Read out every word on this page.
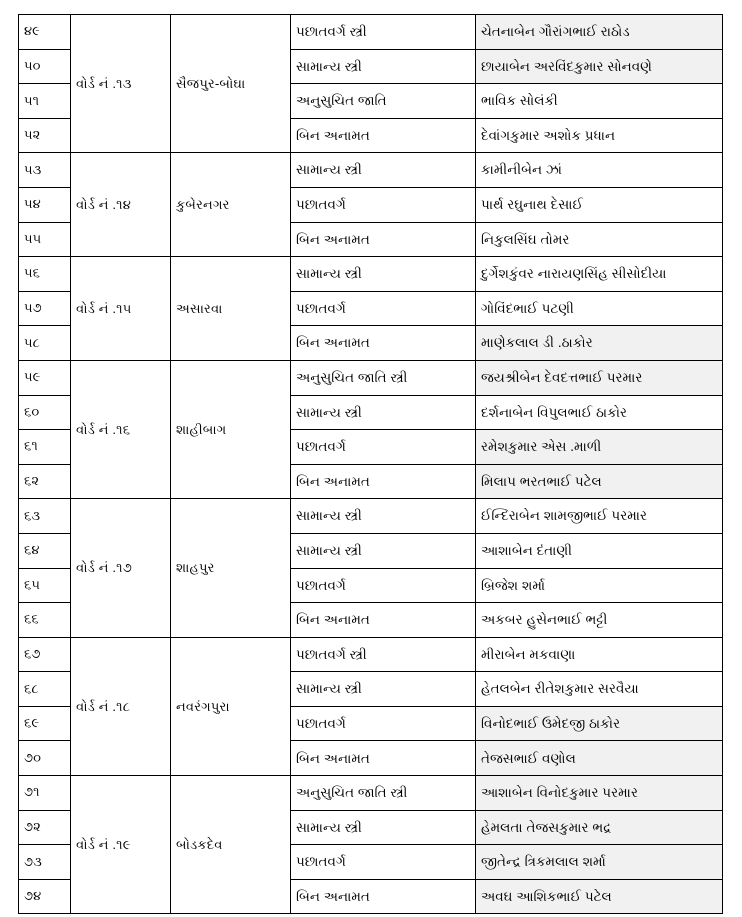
૪૯	વોર્ડ નં .૧૩	સૈજપુર-બોઘા	પછાતવર્ગ સ્ત્રી	ચેતનાબેન ગૌરાંગભાઈ રાઠોડ
૫૦			સામાન્ય સ્ત્રી	છાયાબેન અરવિંદકુમાર સોનવણે
૫૧			અનુસુચિત જાતિ	ભાવિક સોલંકી
૫૨			બિન અનામત	દેવાંગકુમાર અશોક પ્રધાન
૫૩	વોર્ડ નં .૧૪	કુબેરનગર	સામાન્ય સ્ત્રી	કામીનીબેન ઝાં
૫૪			પછાતવર્ગ	પાર્થ રઘુનાથ દેસાઈ
૫૫			બિન અનામત	નિકુલસિંઘ તોમર
૫૬	વોર્ડ નં .૧૫	અસારવા	સામાન્ય સ્ત્રી	દુર્ગેશકુંવર નારાયણસિંહ સીસોદીયા
૫૭			પછાતવર્ગ	ગોવિંદભાઈ પટણી
૫૮			બિન અનામત	માણેકલાલ ડી .ઠાકોર
૫૯	વોર્ડ નં .૧૬	શાહીબાગ	અનુસુચિત જાતિ સ્ત્રી	જયશ્રીબેન દેવદત્તભાઈ પરમાર
૬૦			સામાન્ય સ્ત્રી	દર્શનાબેન વિપુલભાઈ ઠાકોર
૬૧			પછાતવર્ગ	રમેશકુમાર એસ .માળી
૬૨			બિન અનામત	મિલાપ ભરતભાઈ પટેલ
૬૩	વોર્ડ નં .૧૭	શાહપુર	સામાન્ય સ્ત્રી	ઈન્દિરાબેન શામજીભાઈ પરમાર
૬૪			સામાન્ય સ્ત્રી	આશાબેન દંતાણી
૬૫			પછાતવર્ગ	બ્રિજેશ શર્મા
૬૬			બિન અનામત	અકબર હુસેનભાઈ ભટ્ટી
૬૭	વોર્ડ નં .૧૮	નવરંગપુરા	પછાતવર્ગ સ્ત્રી	મીરાબેન મકવાણા
૬૮			સામાન્ય સ્ત્રી	હેતલબેન રીતેશકુમાર સરવૈયા
૬૯			પછાતવર્ગ	વિનોદભાઈ ઉમેદજી ઠાકોર
૭૦			બિન અનામત	તેજસભાઈ વણોલ
૭૧	વોર્ડ નં .૧૯	બોડકદેવ	અનુસુચિત જાતિ સ્ત્રી	આશાબેન વિનોદકુમાર પરમાર
૭૨			સામાન્ય સ્ત્રી	હેમલતા તેજસકુમાર ભદ્ર
૭૩			પછાતવર્ગ	જીતેન્દ્ર ત્રિકમલાલ શર્મા
૭૪			બિન અનામત	અવઘ આશિકભાઈ પટેલ
